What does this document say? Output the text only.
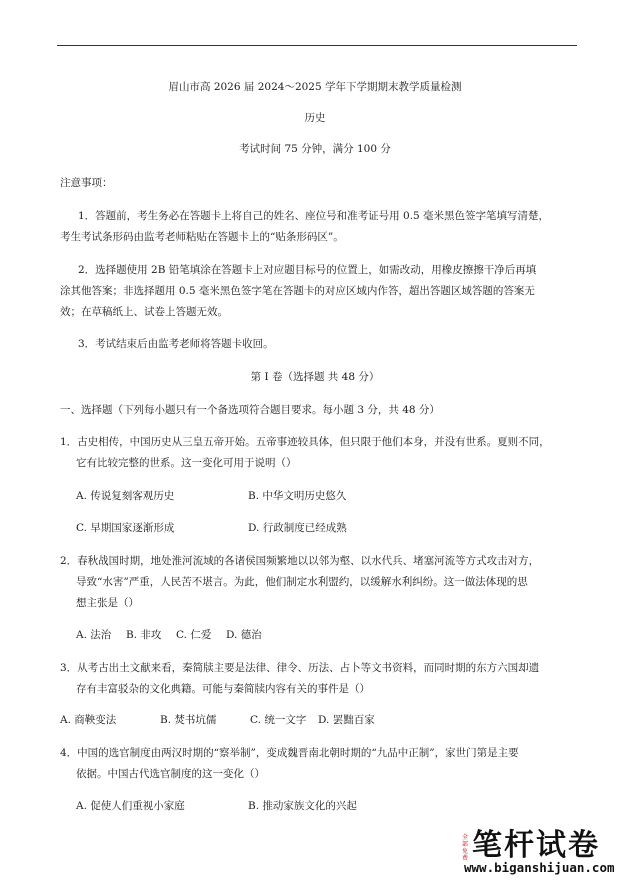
眉山市高 2026 届 2024～2025 学年下学期期末教学质量检测
历史
考试时间 75 分钟，满分 100 分
注意事项：
1．答题前，考生务必在答题卡上将自己的姓名、座位号和准考证号用 0.5 毫米黑色签字笔填写清楚，
考生考试条形码由监考老师粘贴在答题卡上的“贴条形码区”。
2．选择题使用 2B 铅笔填涂在答题卡上对应题目标号的位置上，如需改动，用橡皮擦擦干净后再填
涂其他答案；非选择题用 0.5 毫米黑色签字笔在答题卡的对应区域内作答，超出答题区域答题的答案无
效；在草稿纸上、试卷上答题无效。
3．考试结束后由监考老师将答题卡收回。
第 I 卷（选择题 共 48 分）
一、选择题（下列每小题只有一个备选项符合题目要求。每小题 3 分，共 48 分）
1．古史相传，中国历史从三皇五帝开始。五帝事迹较具体，但只限于他们本身，并没有世系。夏则不同，
它有比较完整的世系。这一变化可用于说明（）
A. 传说复刻客观历史	B. 中华文明历史悠久
C. 早期国家逐渐形成	D. 行政制度已经成熟
2．春秋战国时期，地处淮河流域的各诸侯国频繁地以以邻为壑、以水代兵、堵塞河流等方式攻击对方，
导致“水害”严重，人民苦不堪言。为此，他们制定水利盟约，以缓解水利纠纷。这一做法体现的思
想主张是（）
A. 法治 B. 非攻 C. 仁爱 D. 德治
3．从考古出土文献来看，秦简牍主要是法律、律令、历法、占卜等文书资料，而同时期的东方六国却遗
存有丰富驳杂的文化典籍。可能与秦简牍内容有关的事件是（）
A. 商鞅变法	B. 焚书坑儒	C. 统一文字 D. 罢黜百家
4．中国的选官制度由两汉时期的“察举制”，变成魏晋南北朝时期的“九品中正制”，家世门第是主要
依据。中国古代选官制度的这一变化（）
A. 促使人们重视小家庭	B. 推动家族文化的兴起
全部免费 笔杆试卷
www.biganshijuan.com
